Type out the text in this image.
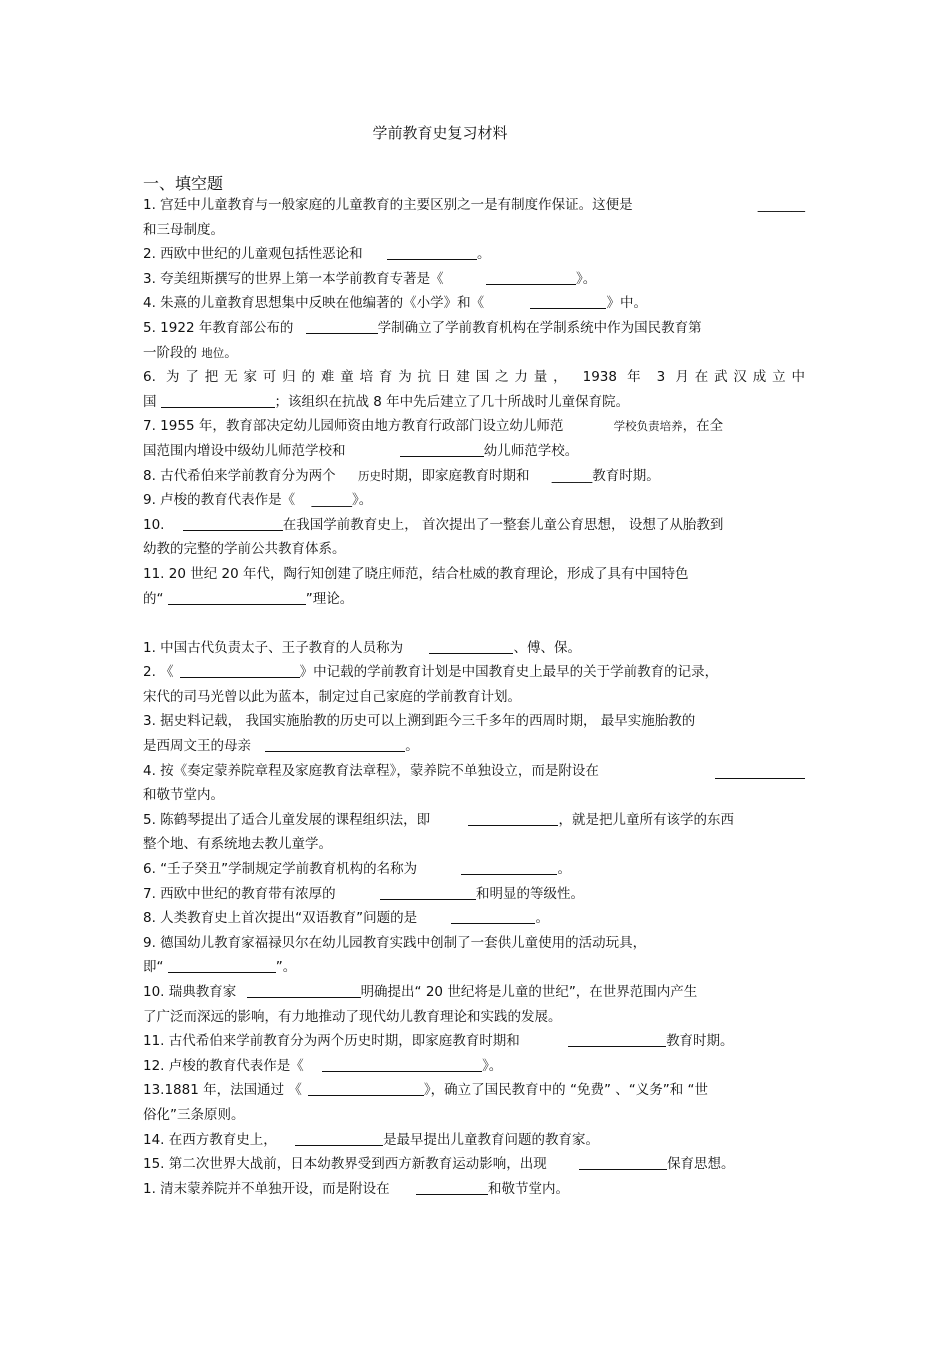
学前教育史复习材料
一、填空题
1. 宫廷中儿童教育与一般家庭的儿童教育的主要区别之一是有制度作保证。这便是	_______
和三母制度。
2. 西欧中世纪的儿童观包括性恶论和	。
3. 夸美纽斯撰写的世界上第一本学前教育专著是《	》。
4. 朱熹的儿童教育思想集中反映在他编著的《小学》和《	》中。
5. 1922 年教育部公布的	学制确立了学前教育机构在学制系统中作为国民教育第
一阶段的 地位。
6. 为了把无家可归的难童培育为抗日建国之力量， 1938 年 3 月在武汉成立中
国	；该组织在抗战 8 年中先后建立了几十所战时儿童保育院。
7. 1955 年，教育部决定幼儿园师资由地方教育行政部门设立幼儿师范	学校负责培养，在全
国范围内增设中级幼儿师范学校和	幼儿师范学校。
8. 古代希伯来学前教育分为两个 历史时期，即家庭教育时期和 ______教育时期。
9. 卢梭的教育代表作是《 ______》。
10.	在我国学前教育史上， 首次提出了一整套儿童公育思想， 设想了从胎教到
幼教的完整的学前公共教育体系。
11. 20 世纪 20 年代，陶行知创建了晓庄师范，结合杜威的教育理论，形成了具有中国特色
的“	”理论。
1. 中国古代负责太子、王子教育的人员称为	、傅、保。
2. 《	》中记载的学前教育计划是中国教育史上最早的关于学前教育的记录，
宋代的司马光曾以此为蓝本，制定过自己家庭的学前教育计划。
3. 据史料记载， 我国实施胎教的历史可以上溯到距今三千多年的西周时期， 最早实施胎教的
是西周文王的母亲	。
4. 按《奏定蒙养院章程及家庭教育法章程》，蒙养院不单独设立，而是附设在
和敬节堂内。
5. 陈鹤琴提出了适合儿童发展的课程组织法，即	，就是把儿童所有该学的东西
整个地、有系统地去教儿童学。
6. “壬子癸丑”学制规定学前教育机构的名称为	。
7. 西欧中世纪的教育带有浓厚的	和明显的等级性。
8. 人类教育史上首次提出“双语教育”问题的是	。
9. 德国幼儿教育家福禄贝尔在幼儿园教育实践中创制了一套供儿童使用的活动玩具，
即“	”。
10. 瑞典教育家	明确提出“ 20 世纪将是儿童的世纪”，在世界范围内产生
了广泛而深远的影响，有力地推动了现代幼儿教育理论和实践的发展。
11. 古代希伯来学前教育分为两个历史时期，即家庭教育时期和	教育时期。
12. 卢梭的教育代表作是《	》。
13.1881 年，法国通过 《	》，确立了国民教育中的 “免费” 、“义务”和 “世
俗化”三条原则。
14. 在西方教育史上，	是最早提出儿童教育问题的教育家。
15. 第二次世界大战前，日本幼教界受到西方新教育运动影响，出现	保育思想。
1. 清末蒙养院并不单独开设，而是附设在	和敬节堂内。
